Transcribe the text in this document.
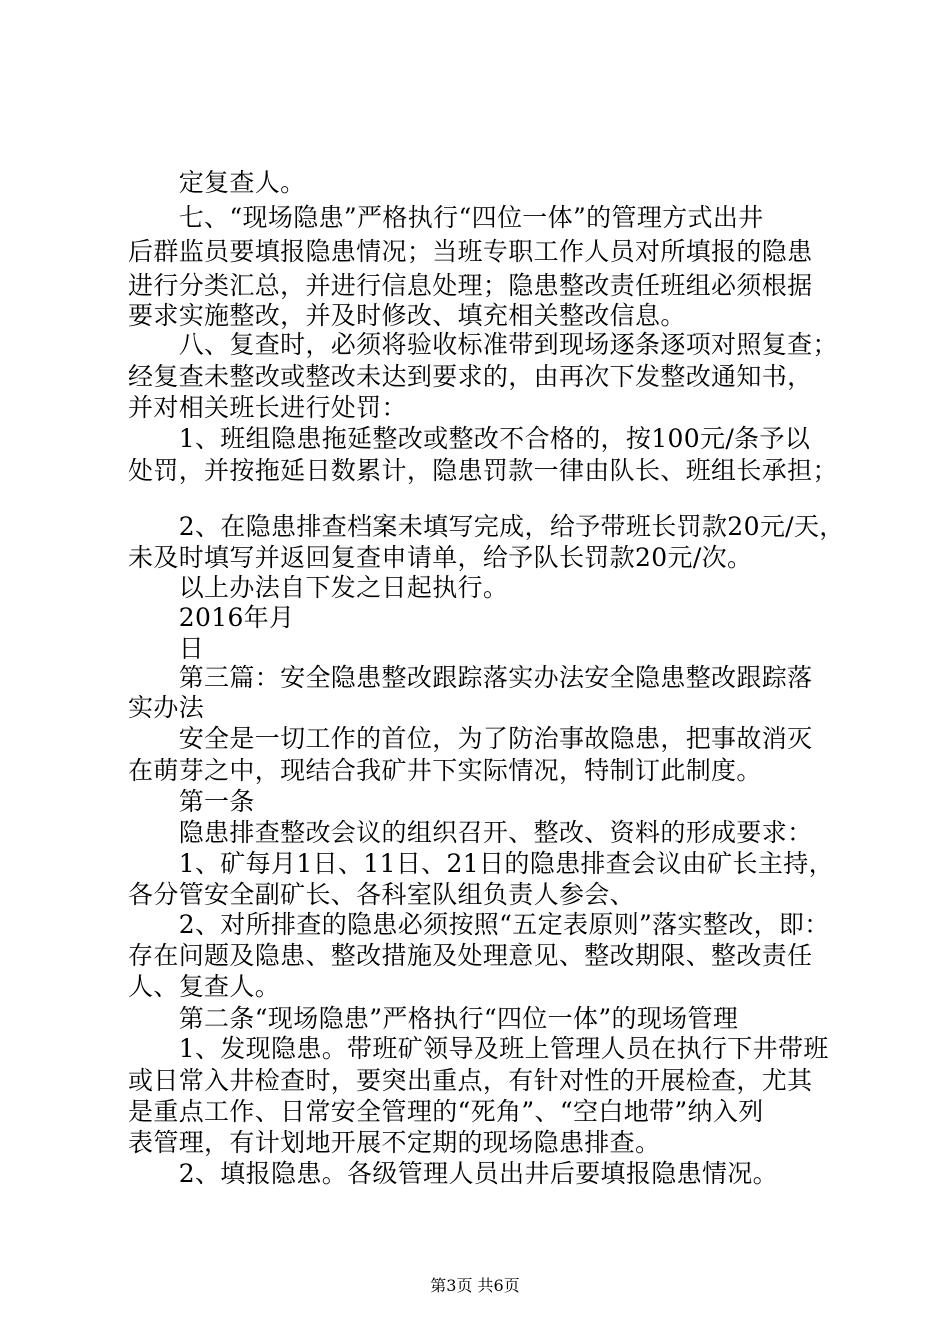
　　定复查人。
　　七、“现场隐患”严格执行“四位一体”的管理方式出井
后群监员要填报隐患情况；当班专职工作人员对所填报的隐患
进行分类汇总，并进行信息处理；隐患整改责任班组必须根据
要求实施整改，并及时修改、填充相关整改信息。
　　八、复查时，必须将验收标准带到现场逐条逐项对照复查；
经复查未整改或整改未达到要求的，由再次下发整改通知书，
并对相关班长进行处罚：
　　1、班组隐患拖延整改或整改不合格的，按100元/条予以
处罚，并按拖延日数累计，隐患罚款一律由队长、班组长承担；
　　2、在隐患排查档案未填写完成，给予带班长罚款20元/天，
未及时填写并返回复查申请单，给予队长罚款20元/次。
　　以上办法自下发之日起执行。
　　2016年月
　　日
　　第三篇：安全隐患整改跟踪落实办法安全隐患整改跟踪落
实办法
　　安全是一切工作的首位，为了防治事故隐患，把事故消灭
在萌芽之中，现结合我矿井下实际情况，特制订此制度。
　　第一条
　　隐患排查整改会议的组织召开、整改、资料的形成要求：
　　1、矿每月1日、11日、21日的隐患排查会议由矿长主持，
各分管安全副矿长、各科室队组负责人参会、
　　2、对所排查的隐患必须按照“五定表原则”落实整改，即：
存在问题及隐患、整改措施及处理意见、整改期限、整改责任
人、复查人。
　　第二条“现场隐患”严格执行“四位一体”的现场管理
　　1、发现隐患。带班矿领导及班上管理人员在执行下井带班
或日常入井检查时，要突出重点，有针对性的开展检查，尤其
是重点工作、日常安全管理的“死角”、“空白地带”纳入列
表管理，有计划地开展不定期的现场隐患排查。
　　2、填报隐患。各级管理人员出井后要填报隐患情况。
第3页 共6页
